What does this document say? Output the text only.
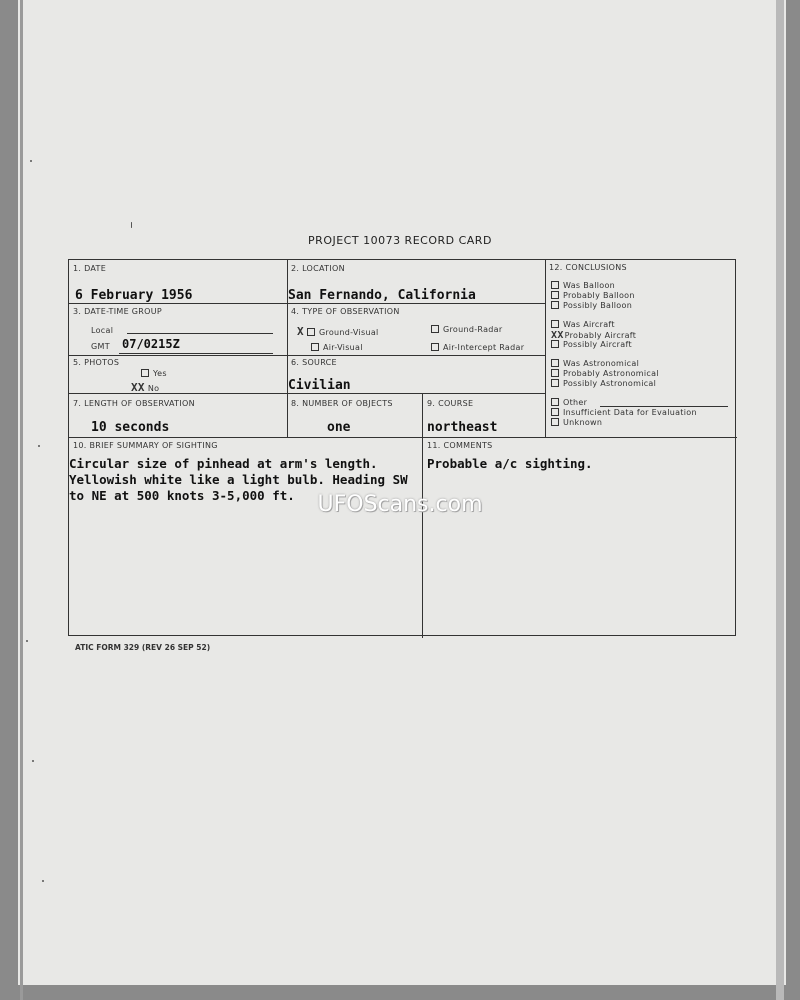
PROJECT 10073 RECORD CARD
1. DATE
6 February 1956
2. LOCATION
San Fernando, California
3. DATE-TIME GROUP
Local
GMT 07/0215Z
4. TYPE OF OBSERVATION
X Ground-Visual	Ground-Radar
Air-Visual	Air-Intercept Radar
5. PHOTOS
Yes
XX No
6. SOURCE
Civilian
7. LENGTH OF OBSERVATION
10 seconds
8. NUMBER OF OBJECTS
one
9. COURSE
northeast
10. BRIEF SUMMARY OF SIGHTING
Circular size of pinhead at arm's length. Yellowish white like a light bulb. Heading SW to NE at 500 knots 3-5,000 ft.
11. COMMENTS
Probable a/c sighting.
12. CONCLUSIONS
Was Balloon
Probably Balloon
Possibly Balloon
Was Aircraft
XXProbably Aircraft
Possibly Aircraft
Was Astronomical
Probably Astronomical
Possibly Astronomical
Other
Insufficient Data for Evaluation
Unknown
UFOScans.com
ATIC FORM 329 (REV 26 SEP 52)
